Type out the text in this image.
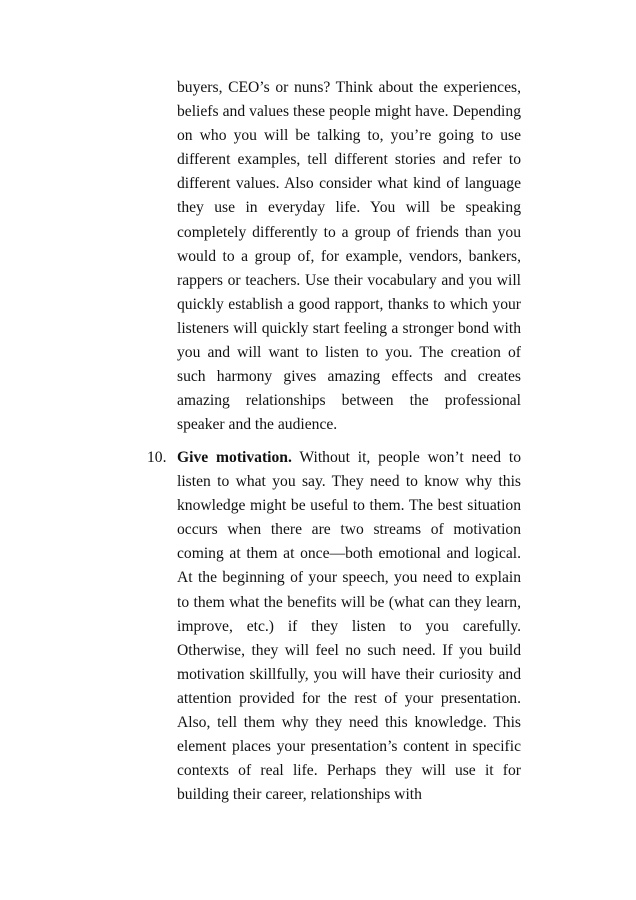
buyers, CEO’s or nuns? Think about the experiences, beliefs and values these people might have. Depending on who you will be talking to, you’re going to use different examples, tell different stories and refer to different values. Also consider what kind of language they use in everyday life. You will be speaking completely differently to a group of friends than you would to a group of, for example, vendors, bankers, rappers or teachers. Use their vocabulary and you will quickly establish a good rapport, thanks to which your listeners will quickly start feeling a stronger bond with you and will want to listen to you. The creation of such harmony gives amazing effects and creates amazing relationships between the professional speaker and the audience.

10. Give motivation. Without it, people won’t need to listen to what you say. They need to know why this knowledge might be useful to them. The best situation occurs when there are two streams of motivation coming at them at once—both emotional and logical. At the beginning of your speech, you need to explain to them what the benefits will be (what can they learn, improve, etc.) if they listen to you carefully. Otherwise, they will feel no such need. If you build motivation skillfully, you will have their curiosity and attention provided for the rest of your presentation. Also, tell them why they need this knowledge. This element places your presentation’s content in specific contexts of real life. Perhaps they will use it for building their career, relationships with
